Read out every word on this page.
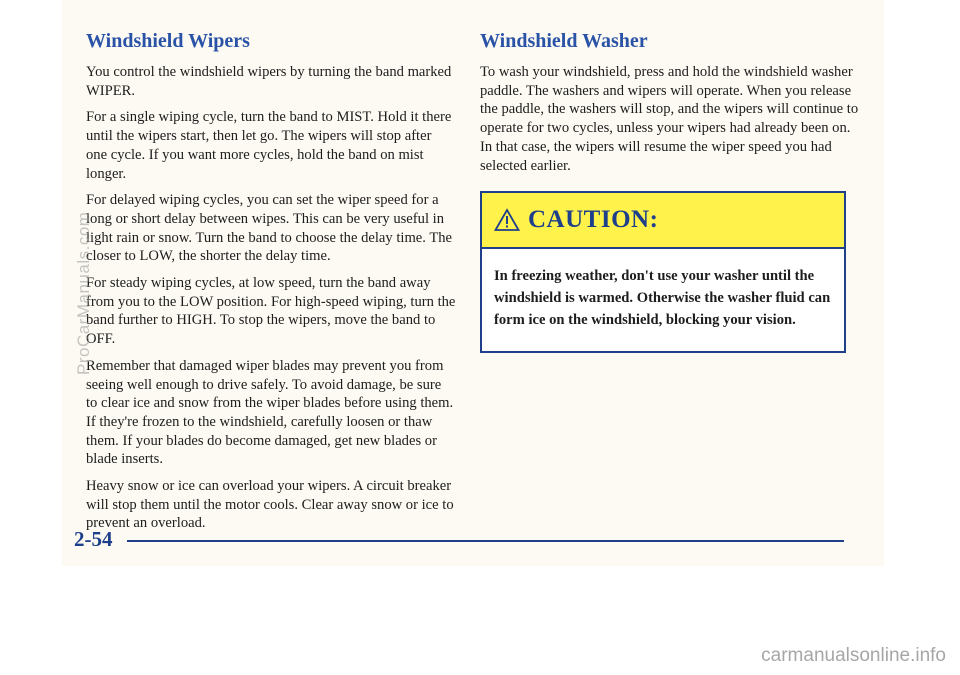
Windshield Wipers

You control the windshield wipers by turning the band marked WIPER.

For a single wiping cycle, turn the band to MIST. Hold it there until the wipers start, then let go. The wipers will stop after one cycle. If you want more cycles, hold the band on mist longer.

For delayed wiping cycles, you can set the wiper speed for a long or short delay between wipes. This can be very useful in light rain or snow. Turn the band to choose the delay time. The closer to LOW, the shorter the delay time.

For steady wiping cycles, at low speed, turn the band away from you to the LOW position. For high-speed wiping, turn the band further to HIGH. To stop the wipers, move the band to OFF.

Remember that damaged wiper blades may prevent you from seeing well enough to drive safely. To avoid damage, be sure to clear ice and snow from the wiper blades before using them. If they're frozen to the windshield, carefully loosen or thaw them. If your blades do become damaged, get new blades or blade inserts.

Heavy snow or ice can overload your wipers. A circuit breaker will stop them until the motor cools. Clear away snow or ice to prevent an overload.

Windshield Washer

To wash your windshield, press and hold the windshield washer paddle. The washers and wipers will operate. When you release the paddle, the washers will stop, and the wipers will continue to operate for two cycles, unless your wipers had already been on. In that case, the wipers will resume the wiper speed you had selected earlier.

CAUTION:
In freezing weather, don't use your washer until the windshield is warmed. Otherwise the washer fluid can form ice on the windshield, blocking your vision.
2-54
ProCarManuals.com
carmanualsonline.info
